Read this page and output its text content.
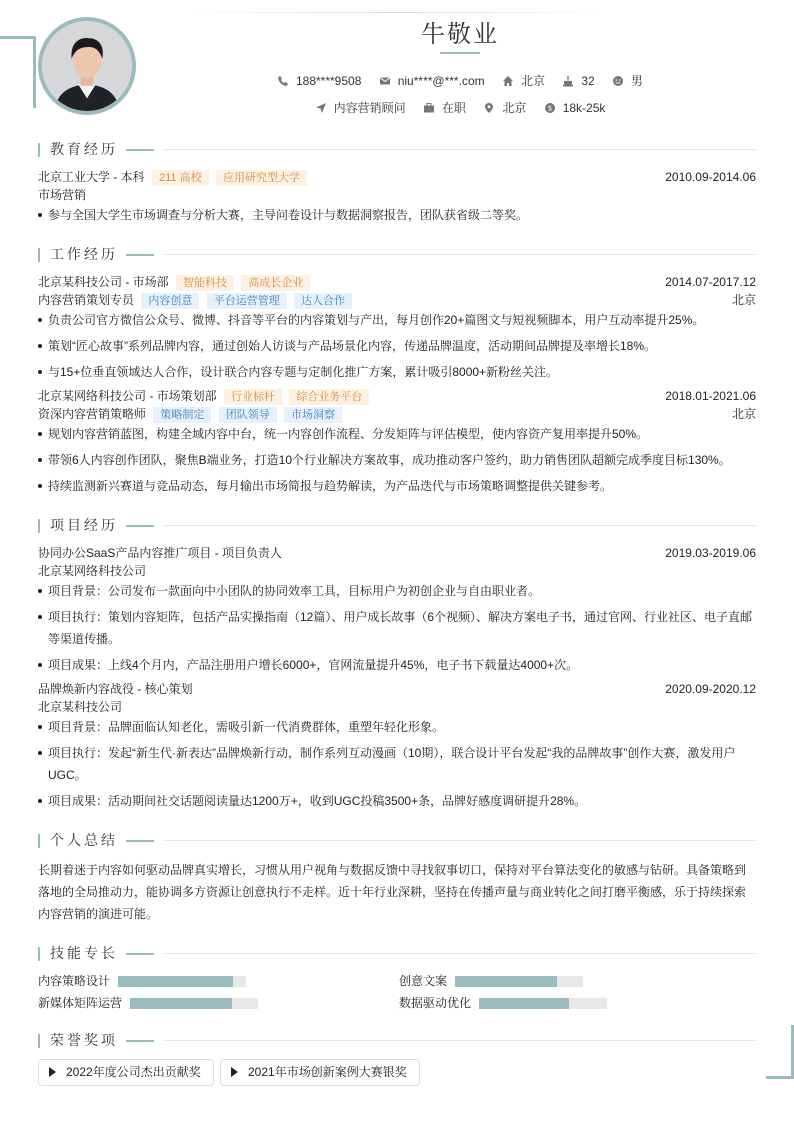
牛敬业
188****9508
	niu****@***.com
	北京
	32
	男
内容营销顾问
	在职
	北京
	$ 18k-25k
教育经历
北京工业大学 - 本科 211 高校 应用研究型大学	2010.09-2014.06
市场营销
参与全国大学生市场调查与分析大赛，主导问卷设计与数据洞察报告，团队获省级二等奖。
工作经历
北京某科技公司 - 市场部 智能科技 高成长企业	2014.07-2017.12
内容营销策划专员 内容创意 平台运营管理 达人合作	北京
负责公司官方微信公众号、微博、抖音等平台的内容策划与产出，每月创作20+篇图文与短视频脚本，用户互动率提升25%。
策划“匠心故事”系列品牌内容，通过创始人访谈与产品场景化内容，传递品牌温度，活动期间品牌提及率增长18%。
与15+位垂直领域达人合作，设计联合内容专题与定制化推广方案，累计吸引8000+新粉丝关注。
北京某网络科技公司 - 市场策划部 行业标杆 综合业务平台	2018.01-2021.06
资深内容营销策略师 策略制定 团队领导 市场洞察	北京
规划内容营销蓝图，构建全域内容中台，统一内容创作流程、分发矩阵与评估模型，使内容资产复用率提升50%。
带领6人内容创作团队，聚焦B端业务，打造10个行业解决方案故事，成功推动客户签约，助力销售团队超额完成季度目标130%。
持续监测新兴赛道与竞品动态，每月输出市场简报与趋势解读，为产品迭代与市场策略调整提供关键参考。
项目经历
协同办公SaaS产品内容推广项目 - 项目负责人	2019.03-2019.06
北京某网络科技公司
项目背景：公司发布一款面向中小团队的协同效率工具，目标用户为初创企业与自由职业者。
项目执行：策划内容矩阵，包括产品实操指南（12篇）、用户成长故事（6个视频）、解决方案电子书，通过官网、行业社区、电子直邮等渠道传播。
项目成果：上线4个月内，产品注册用户增长6000+，官网流量提升45%，电子书下载量达4000+次。
品牌焕新内容战役 - 核心策划	2020.09-2020.12
北京某科技公司
项目背景：品牌面临认知老化，需吸引新一代消费群体，重塑年轻化形象。
项目执行：发起“新生代·新表达”品牌焕新行动，制作系列互动漫画（10期），联合设计平台发起“我的品牌故事”创作大赛，激发用户UGC。
项目成果：活动期间社交话题阅读量达1200万+，收到UGC投稿3500+条，品牌好感度调研提升28%。
个人总结
长期着迷于内容如何驱动品牌真实增长，习惯从用户视角与数据反馈中寻找叙事切口，保持对平台算法变化的敏感与钻研。具备策略到落地的全局推动力，能协调多方资源让创意执行不走样。近十年行业深耕，坚持在传播声量与商业转化之间打磨平衡感，乐于持续探索内容营销的演进可能。
技能专长
内容策略设计	创意文案
新媒体矩阵运营	数据驱动优化
荣誉奖项
2022年度公司杰出贡献奖	2021年市场创新案例大赛银奖
